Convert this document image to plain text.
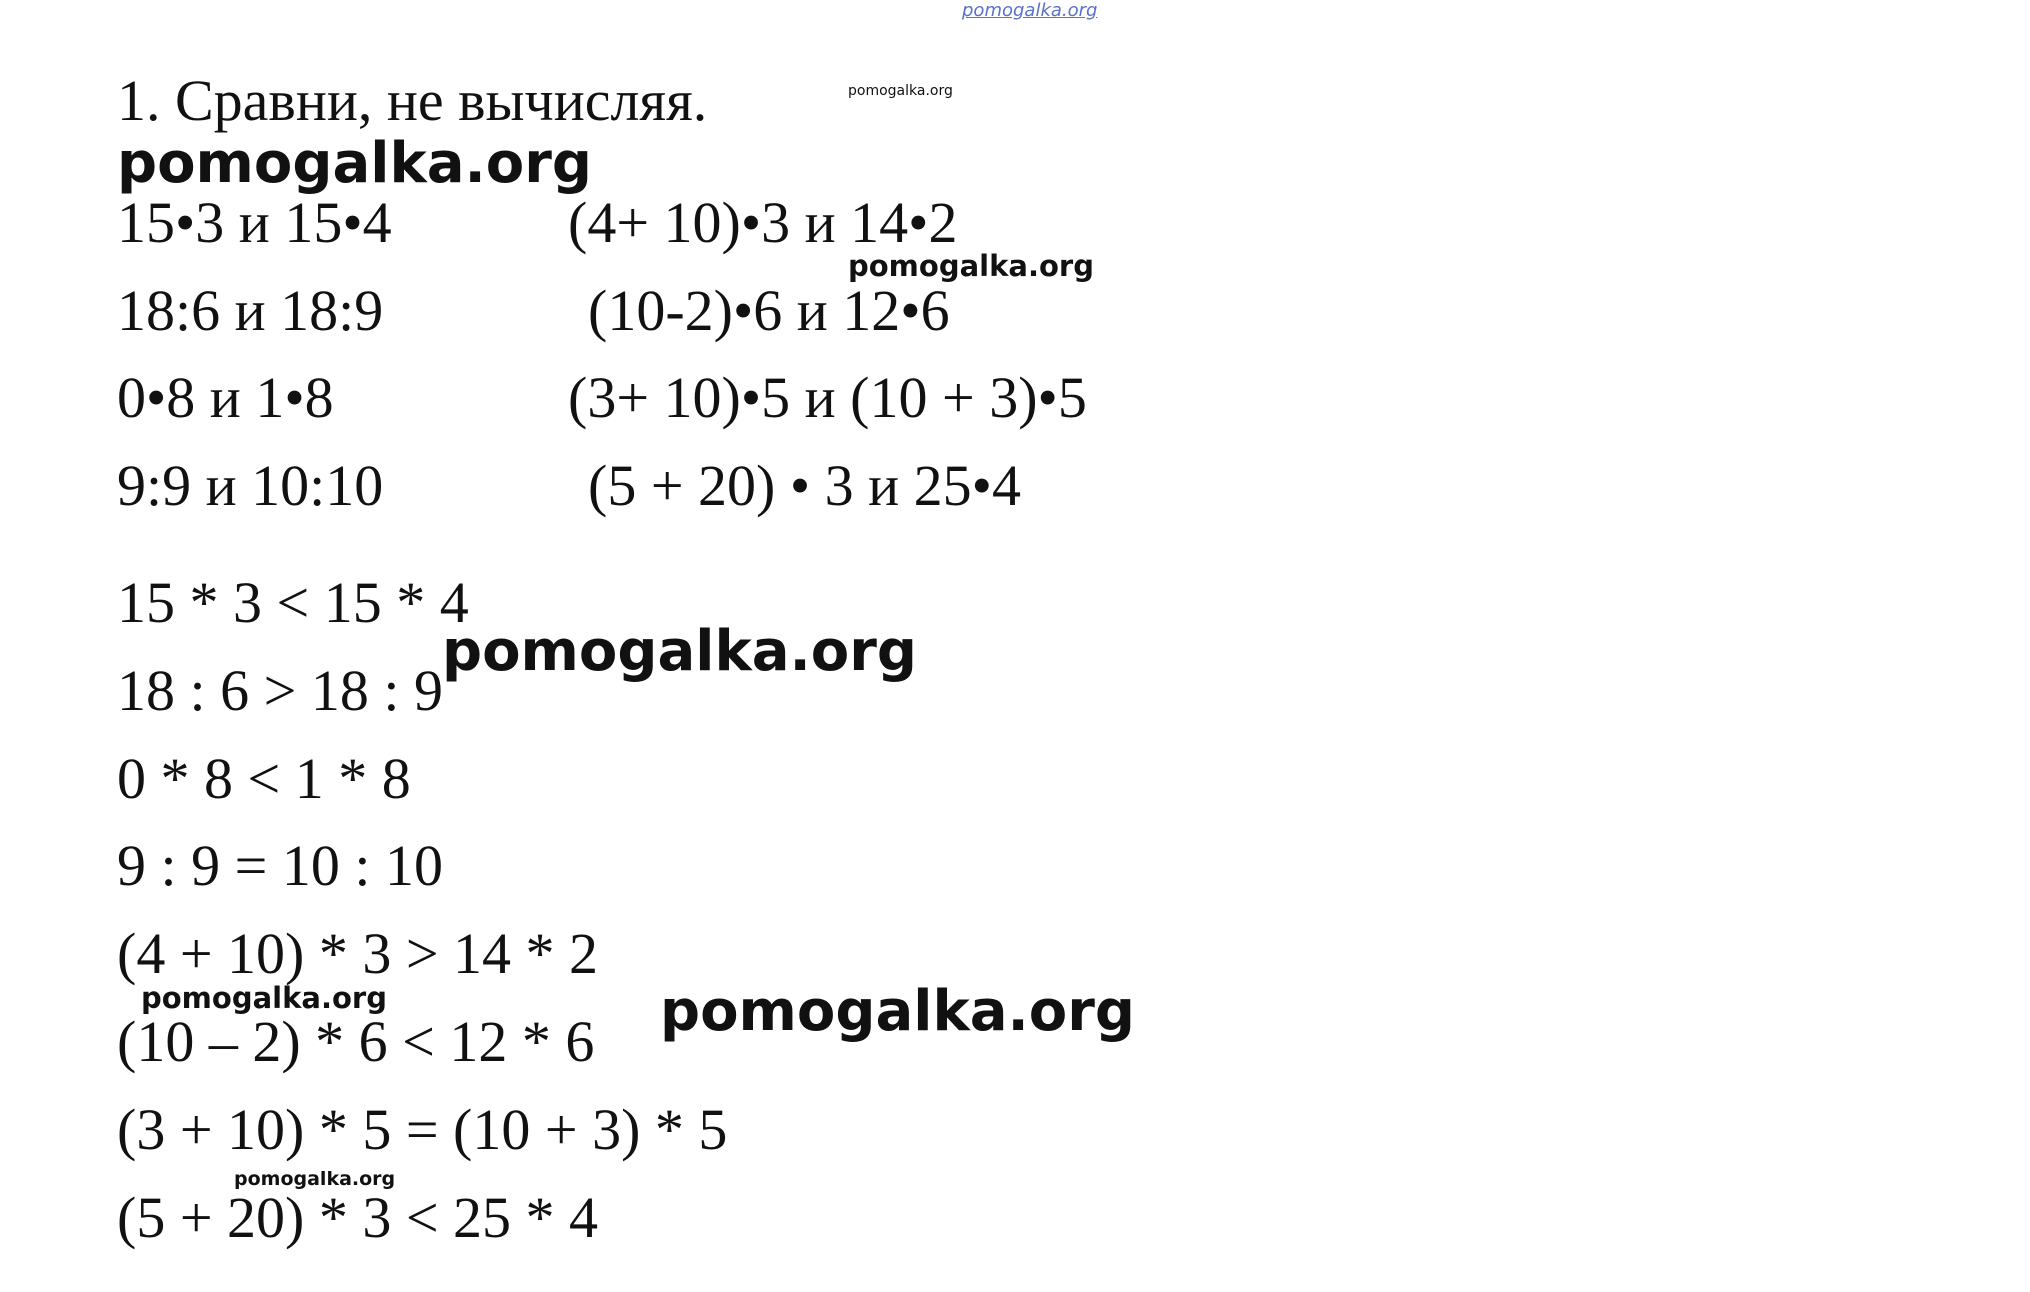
pomogalka.org
1. Сравни, не вычисляя.	pomogalka.org
pomogalka.org
15•3 и 15•4	(4+ 10)•3 и 14•2
pomogalka.org
18:6 и 18:9	(10-2)•6 и 12•6
0•8 и 1•8	(3+ 10)•5 и (10 + 3)•5
9:9 и 10:10	(5 + 20) • 3 и 25•4
15 * 3 < 15 * 4
pomogalka.org
18 : 6 > 18 : 9
0 * 8 < 1 * 8
9 : 9 = 10 : 10
(4 + 10) * 3 > 14 * 2
pomogalka.org	pomogalka.org
(10 – 2) * 6 < 12 * 6
(3 + 10) * 5 = (10 + 3) * 5
pomogalka.org
(5 + 20) * 3 < 25 * 4
